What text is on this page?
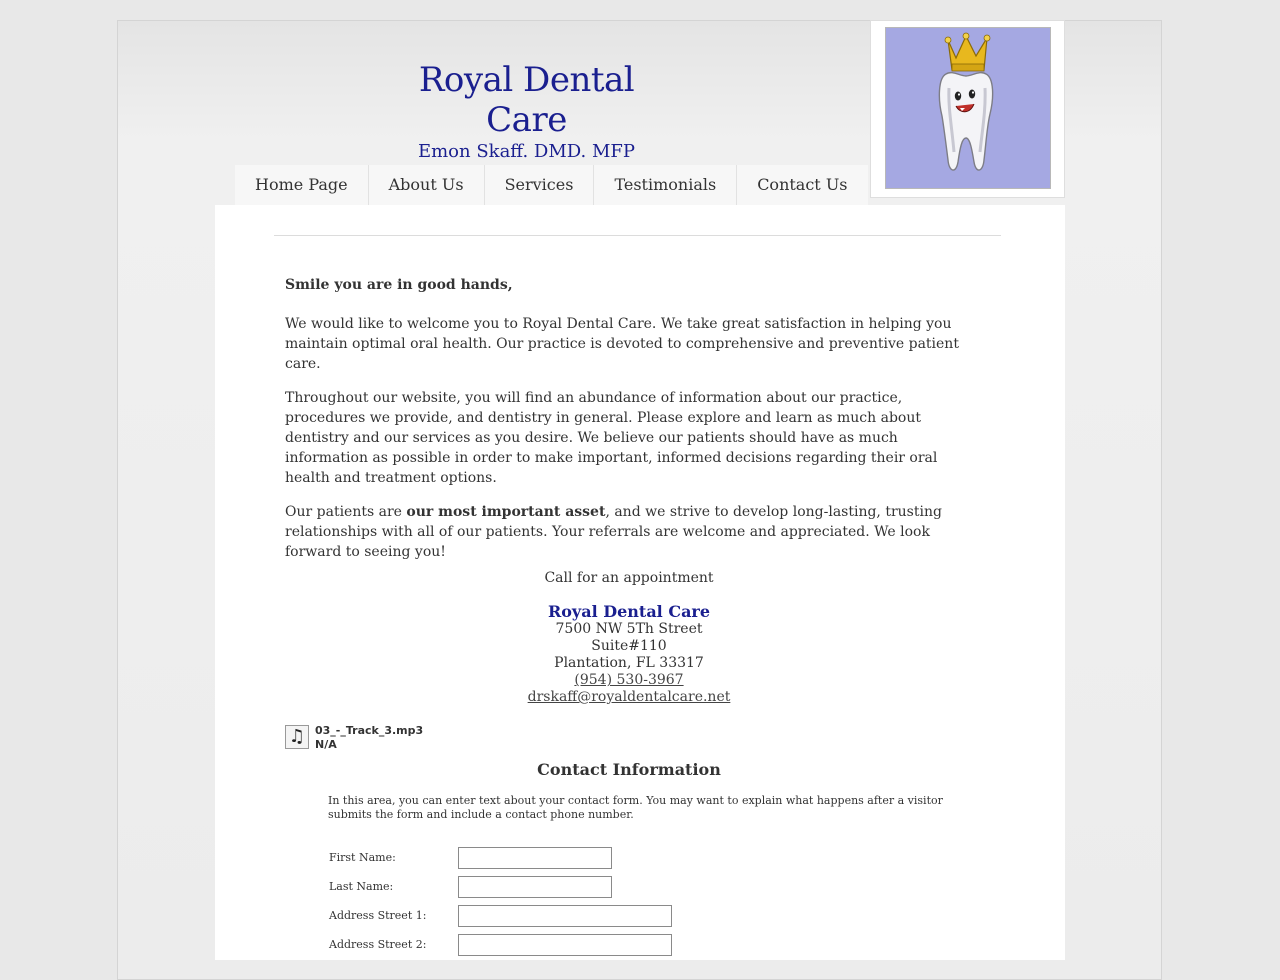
Royal Dental Care
Emon Skaff. DMD. MFP
Home Page	About Us	Services	Testimonials	Contact Us

Smile you are in good hands,

We would like to welcome you to Royal Dental Care. We take great satisfaction in helping you maintain optimal oral health. Our practice is devoted to comprehensive and preventive patient care.

Throughout our website, you will find an abundance of information about our practice, procedures we provide, and dentistry in general. Please explore and learn as much about dentistry and our services as you desire. We believe our patients should have as much information as possible in order to make important, informed decisions regarding their oral health and treatment options.

Our patients are our most important asset, and we strive to develop long-lasting, trusting relationships with all of our patients. Your referrals are welcome and appreciated. We look forward to seeing you!

Call for an appointment
Royal Dental Care
7500 NW 5Th Street
Suite#110
Plantation, FL 33317
(954) 530-3967
drskaff@royaldentalcare.net
♫ 03_-_Track_3.mp3
N/A
Contact Information
In this area, you can enter text about your contact form. You may want to explain what happens after a visitor submits the form and include a contact phone number.
First Name:
Last Name:
Address Street 1:
Address Street 2:
